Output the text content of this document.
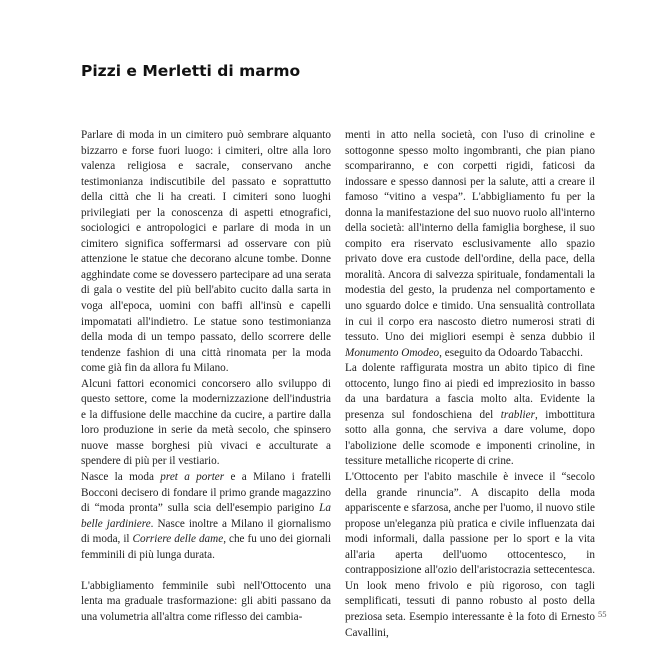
Pizzi e Merletti di marmo

Parlare di moda in un cimitero può sembrare alquanto bizzarro e forse fuori luogo: i cimiteri, oltre alla loro valenza religiosa e sacrale, conservano anche testimonianza indiscutibile del passato e soprattutto della città che li ha creati. I cimiteri sono luoghi privilegiati per la conoscenza di aspetti etnografici, sociologici e antropologici e parlare di moda in un cimitero significa soffermarsi ad osservare con più attenzione le statue che decorano alcune tombe. Donne agghindate come se dovessero partecipare ad una serata di gala o vestite del più bell'abito cucito dalla sarta in voga all'epoca, uomini con baffi all'insù e capelli impomatati all'indietro. Le statue sono testimonianza della moda di un tempo passato, dello scorrere delle tendenze fashion di una città rinomata per la moda come già fin da allora fu Milano.

Alcuni fattori economici concorsero allo sviluppo di questo settore, come la modernizzazione dell'industria e la diffusione delle macchine da cucire, a partire dalla loro produzione in serie da metà secolo, che spinsero nuove masse borghesi più vivaci e acculturate a spendere di più per il vestiario.

Nasce la moda pret a porter e a Milano i fratelli Bocconi decisero di fondare il primo grande magazzino di “moda pronta” sulla scia dell'esempio parigino La belle jardiniere. Nasce inoltre a Milano il giornalismo di moda, il Corriere delle dame, che fu uno dei giornali femminili di più lunga durata.

L'abbigliamento femminile subì nell'Ottocento una lenta ma graduale trasformazione: gli abiti passano da una volumetria all'altra come riflesso dei cambia-

menti in atto nella società, con l'uso di crinoline e sottogonne spesso molto ingombranti, che pian piano scompariranno, e con corpetti rigidi, faticosi da indossare e spesso dannosi per la salute, atti a creare il famoso “vitino a vespa”. L'abbigliamento fu per la donna la manifestazione del suo nuovo ruolo all'interno della società: all'interno della famiglia borghese, il suo compito era riservato esclusivamente allo spazio privato dove era custode dell'ordine, della pace, della moralità. Ancora di salvezza spirituale, fondamentali la modestia del gesto, la prudenza nel comportamento e uno sguardo dolce e timido. Una sensualità controllata in cui il corpo era nascosto dietro numerosi strati di tessuto. Uno dei migliori esempi è senza dubbio il Monumento Omodeo, eseguito da Odoardo Tabacchi.

La dolente raffigurata mostra un abito tipico di fine ottocento, lungo fino ai piedi ed impreziosito in basso da una bardatura a fascia molto alta. Evidente la presenza sul fondoschiena del trablier, imbottitura sotto alla gonna, che serviva a dare volume, dopo l'abolizione delle scomode e imponenti crinoline, in tessiture metalliche ricoperte di crine.

L'Ottocento per l'abito maschile è invece il “secolo della grande rinuncia”. A discapito della moda appariscente e sfarzosa, anche per l'uomo, il nuovo stile propose un'eleganza più pratica e civile influenzata dai modi informali, dalla passione per lo sport e la vita all'aria aperta dell'uomo ottocentesco, in contrapposizione all'ozio dell'aristocrazia settecentesca. Un look meno frivolo e più rigoroso, con tagli semplificati, tessuti di panno robusto al posto della preziosa seta. Esempio interessante è la foto di Ernesto Cavallini,

55
